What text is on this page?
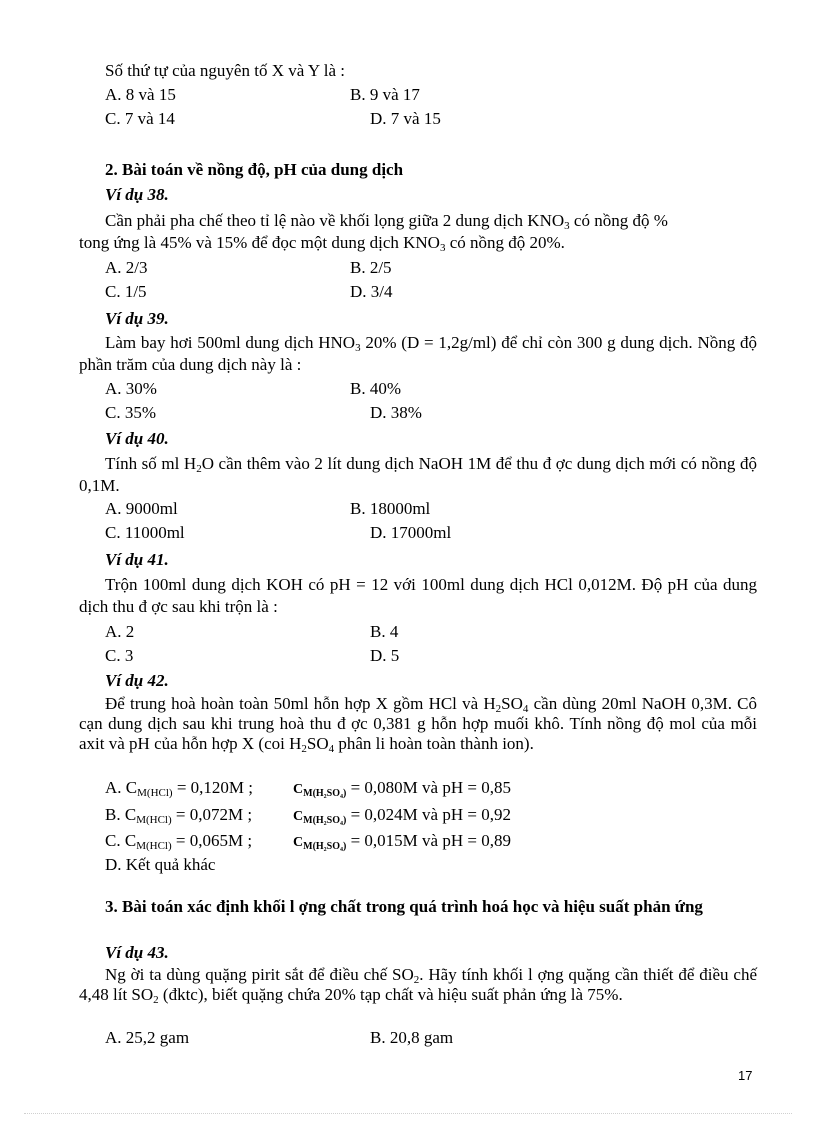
Số thứ tự của nguyên tố X và Y là :
A. 8 và 15	B. 9 và 17
C. 7 và 14	D. 7 và 15
2. Bài toán về nồng độ, pH của dung dịch
Ví dụ 38.
Cần phải pha chế theo tỉ lệ nào về khối lọng giữa 2 dung dịch $KNO_3$ có nồng độ %
tong ứng là 45% và 15% để đọc một dung dịch $KNO_3$ có nồng độ 20%.
A. 2/3	B. 2/5
C. 1/5	D. 3/4
Ví dụ 39.
Làm bay hơi 500ml dung dịch $HNO_3$ 20% (D = 1,2g/ml) để chỉ còn 300 g dung dịch. Nồng độ phần trăm của dung dịch này là :
A. 30%	B. 40%
C. 35%	D. 38%
Ví dụ 40.
Tính số ml $H_2O$ cần thêm vào 2 lít dung dịch NaOH 1M để thu đ ợc dung dịch mới có nồng độ 0,1M.
A. 9000ml	B. 18000ml
C. 11000ml	D. 17000ml
Ví dụ 41.
Trộn 100ml dung dịch KOH có pH = 12 với 100ml dung dịch HCl 0,012M. Độ pH của dung dịch thu đ ợc sau khi trộn là :
A. 2	B. 4
C. 3	D. 5
Ví dụ 42.
Để trung hoà hoàn toàn 50ml hỗn hợp X gồm HCl và $H_2SO_4$ cần dùng 20ml NaOH 0,3M. Cô cạn dung dịch sau khi trung hoà thu đ ợc 0,381 g hỗn hợp muối khô. Tính nồng độ mol của mỗi axit và pH của hỗn hợp X (coi $H_2SO_4$ phân li hoàn toàn thành ion).
A. CM(HCl) = 0,120M ;	CM(H₂SO₄) = 0,080M và pH = 0,85
B. CM(HCl) = 0,072M ;	CM(H₂SO₄) = 0,024M và pH = 0,92
C. CM(HCl) = 0,065M ;	CM(H₂SO₄) = 0,015M và pH = 0,89
D. Kết quả khác
3. Bài toán xác định khối l ợng chất trong quá trình hoá học và hiệu suất phản ứng
Ví dụ 43.
Ng ời ta dùng quặng pirit sắt để điều chế $SO_2$. Hãy tính khối l ợng quặng cần thiết để điều chế 4,48 lít $SO_2$ (đktc), biết quặng chứa 20% tạp chất và hiệu suất phản ứng là 75%.
A. 25,2 gam	B. 20,8 gam
17
